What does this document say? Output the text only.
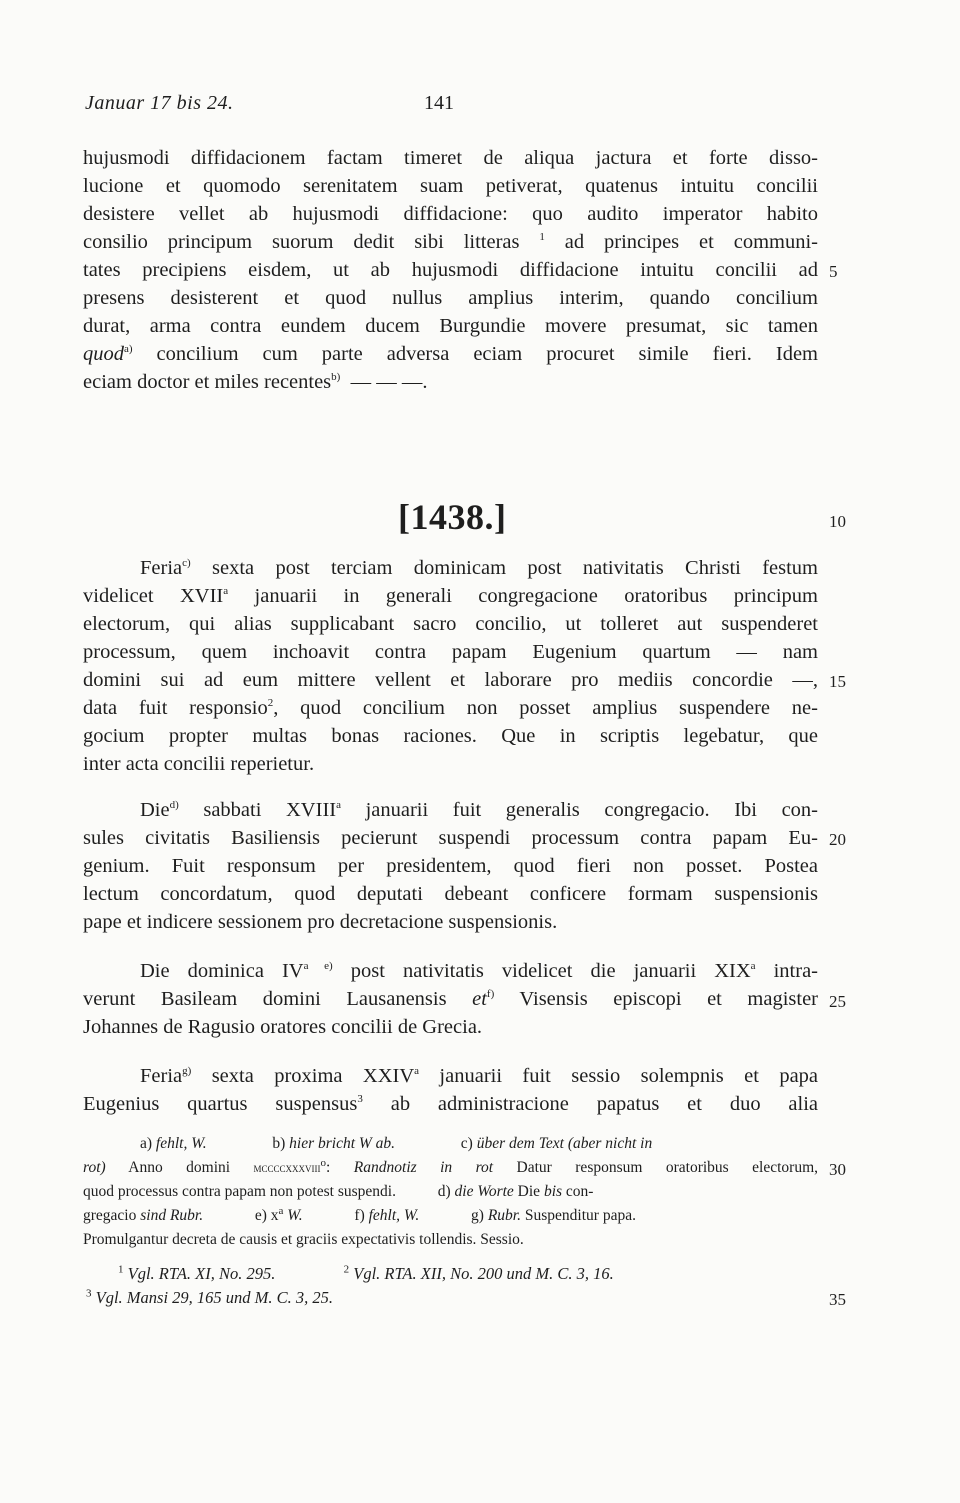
Januar 17 bis 24.	141
hujusmodi diffidacionem factam timeret de aliqua jactura et forte disso-
lucione et quomodo serenitatem suam petiverat, quatenus intuitu concilii
desistere vellet ab hujusmodi diffidacione: quo audito imperator habito
consilio principum suorum dedit sibi litteras $^1$ ad principes et communi-
tates precipiens eisdem, ut ab hujusmodi diffidacione intuitu concilii ad
presens desisterent et quod nullus amplius interim, quando concilium
durat, arma contra eundem ducem Burgundie movere presumat, sic tamen
quod$^{a)}$ concilium cum parte adversa eciam procuret simile fieri. Idem
eciam doctor et miles recentes$^{b)}$ — — —.
[1438.]
Feria$^{c)}$ sexta post terciam dominicam post nativitatis Christi festum
videlicet XVII$^a$ januarii in generali congregacione oratoribus principum
electorum, qui alias supplicabant sacro concilio, ut tolleret aut suspenderet
processum, quem inchoavit contra papam Eugenium quartum — nam
domini sui ad eum mittere vellent et laborare pro mediis concordie —,
data fuit responsio$^2$, quod concilium non posset amplius suspendere ne-
gocium propter multas bonas raciones. Que in scriptis legebatur, que
inter acta concilii reperietur.
Die$^{d)}$ sabbati XVIII$^a$ januarii fuit generalis congregacio. Ibi con-
sules civitatis Basiliensis pecierunt suspendi processum contra papam Eu-
genium. Fuit responsum per presidentem, quod fieri non posset. Postea
lectum concordatum, quod deputati debeant conficere formam suspensionis
pape et indicere sessionem pro decretacione suspensionis.
Die dominica $IV^{a e)}$ post nativitatis videlicet die januarii XIX$^a$ intra-
verunt Basileam domini Lausanensis $et^{f)}$ Visensis episcopi et magister
Johannes de Ragusio oratores concilii de Grecia.
Feria$^{g)}$ sexta proxima XXIV$^a$ januarii fuit sessio solempnis et papa
Eugenius quartus suspensus$^3$ ab administracione papatus et duo alia
a) fehlt, W.	b) hier bricht W ab.	c) über dem Text (aber nicht in
rot) Anno domini mccccxxxviii$^o$: Randnotiz in rot Datur responsum oratoribus electorum,
quod processus contra papam non potest suspendi.	d) die Worte Die bis con-
gregacio sind Rubr.	e) $x^a$ W.	f) fehlt, W.	g) Rubr. Suspenditur papa.
Promulgantur decreta de causis et graciis expectativis tollendis. Sessio.
$^1$ Vgl. RTA. XI, No. 295.	$^2$ Vgl. RTA. XII, No. 200 und M. C. 3, 16.
$^3$ Vgl. Mansi 29, 165 und M. C. 3, 25.
5
10
15
20
25
30
35
